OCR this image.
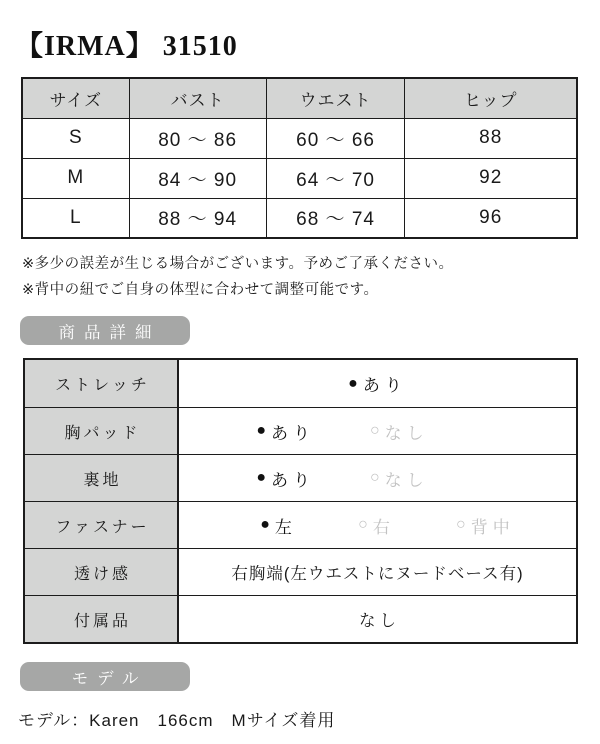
【IRMA】 31510
サイズ	バスト	ウエスト	ヒップ
S	80 ～ 86	60 ～ 66	88
M	84 ～ 90	64 ～ 70	92
L	88 ～ 94	68 ～ 74	96

※多少の誤差が生じる場合がございます。予めご了承ください。

※背中の紐でご自身の体型に合わせて調整可能です。

商品詳細
ストレッチ	● あり
胸パッド	● あり	○ なし
裏地	● あり	○ なし
ファスナー	● 左	○ 右	○ 背中
透け感	右胸端(左ウエストにヌードベース有)
付属品	なし
モデル

モデル：Karen　166cm　Mサイズ着用
